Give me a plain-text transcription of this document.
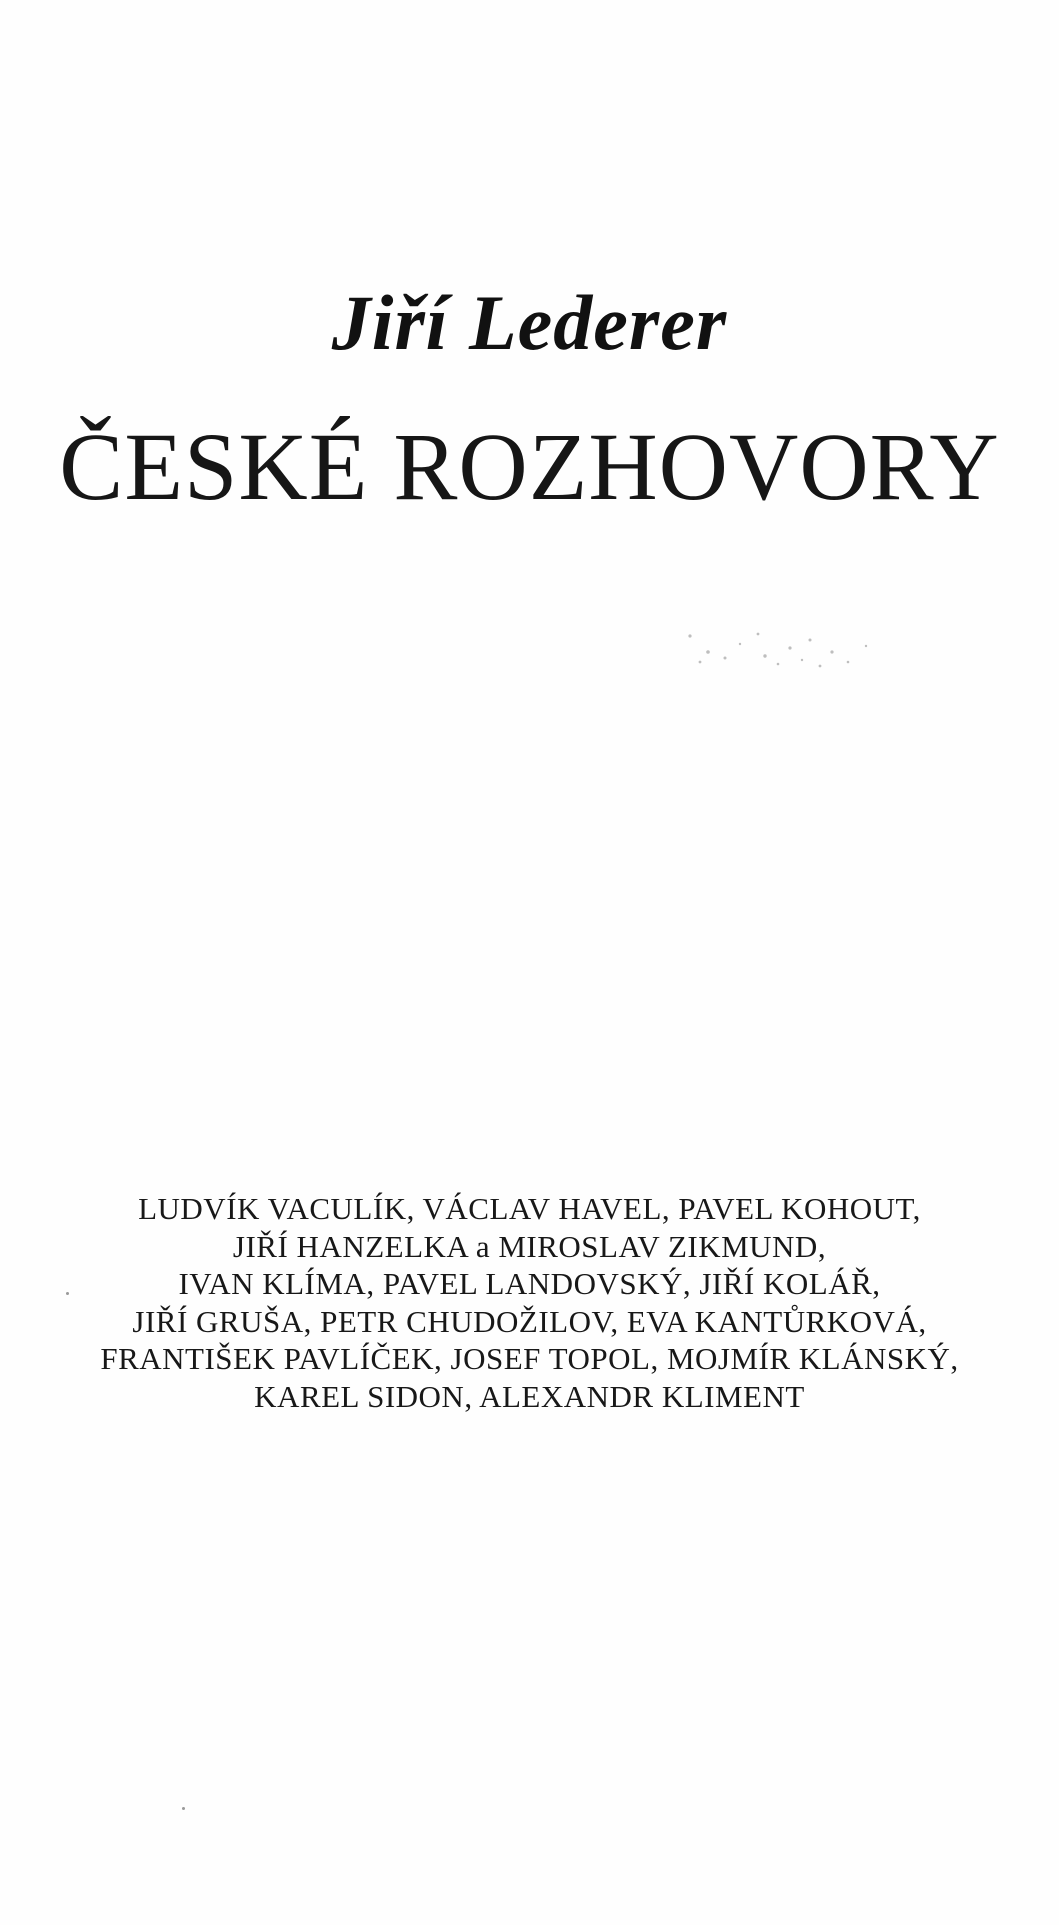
Jiří Lederer
ČESKÉ ROZHOVORY
LUDVÍK VACULÍK, VÁCLAV HAVEL, PAVEL KOHOUT,
JIŘÍ HANZELKA a MIROSLAV ZIKMUND,
IVAN KLÍMA, PAVEL LANDOVSKÝ, JIŘÍ KOLÁŘ,
JIŘÍ GRUŠA, PETR CHUDOŽILOV, EVA KANTŮRKOVÁ,
FRANTIŠEK PAVLÍČEK, JOSEF TOPOL, MOJMÍR KLÁNSKÝ,
KAREL SIDON, ALEXANDR KLIMENT
